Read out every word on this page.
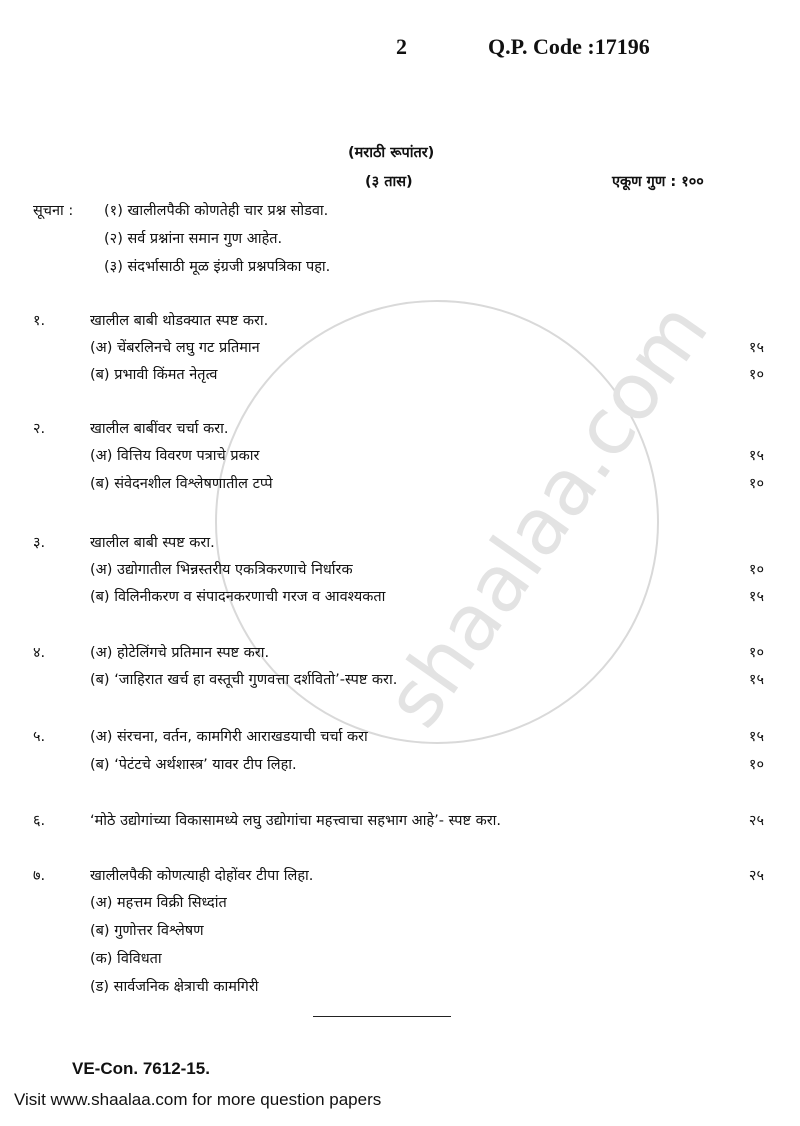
shaalaa.com
2	Q.P. Code :17196
(मराठी रूपांतर)
(३ तास)	एकूण गुण : १००
सूचना : (१) खालीलपैकी कोणतेही चार प्रश्न सोडवा.
(२) सर्व प्रश्नांना समान गुण आहेत.
(३) संदर्भासाठी मूळ इंग्रजी प्रश्नपत्रिका पहा.
१.	खालील बाबी थोडक्यात स्पष्ट करा.
(अ) चेंबरलिनचे लघु गट प्रतिमान	१५
(ब) प्रभावी किंमत नेतृत्व	१०
२.	खालील बाबींवर चर्चा करा.
(अ) वित्तिय विवरण पत्राचे प्रकार	१५
(ब) संवेदनशील विश्लेषणातील टप्पे	१०
३.	खालील बाबी स्पष्ट करा.
(अ) उद्योगातील भिन्नस्तरीय एकत्रिकरणाचे निर्धारक	१०
(ब) विलिनीकरण व संपादनकरणाची गरज व आवश्यकता	१५
४.	(अ) होटेलिंगचे प्रतिमान स्पष्ट करा.	१०
(ब) ‘जाहिरात खर्च हा वस्तूची गुणवत्ता दर्शवितो’-स्पष्ट करा.	१५
५.	(अ) संरचना, वर्तन, कामगिरी आराखडयाची चर्चा करा	१५
(ब) ‘पेटंटचे अर्थशास्त्र’ यावर टीप लिहा.	१०
६.	‘मोठे उद्योगांच्या विकासामध्ये लघु उद्योगांचा महत्त्वाचा सहभाग आहे’- स्पष्ट करा.	२५
७.	खालीलपैकी कोणत्याही दोहोंवर टीपा लिहा.	२५
(अ) महत्तम विक्री सिध्दांत
(ब) गुणोत्तर विश्लेषण
(क) विविधता
(ड) सार्वजनिक क्षेत्राची कामगिरी
VE-Con. 7612-15.
Visit www.shaalaa.com for more question papers
